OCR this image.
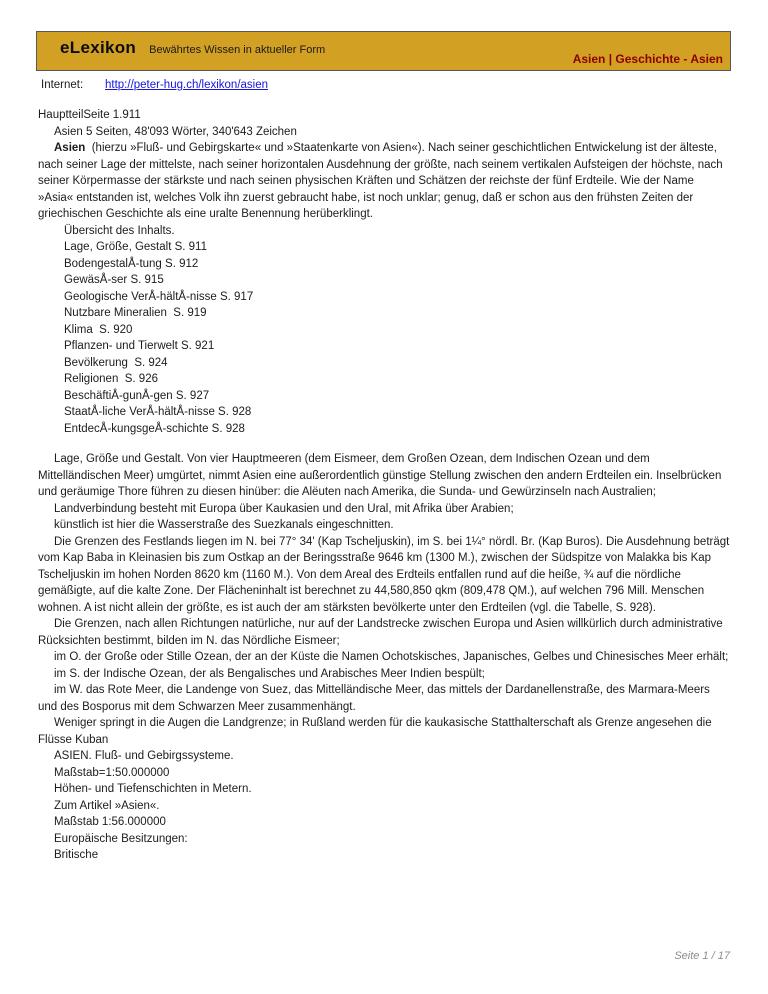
eLexikon Bewährtes Wissen in aktueller Form
Asien | Geschichte - Asien
Internet: http://peter-hug.ch/lexikon/asien

HauptteilSeite 1.911

Asien 5 Seiten, 48'093 Wörter, 340'643 Zeichen

Asien  (hierzu »Fluß- und Gebirgskarte« und »Staatenkarte von Asien«). Nach seiner geschichtlichen Entwickelung ist der älteste, nach seiner Lage der mittelste, nach seiner horizontalen Ausdehnung der größte, nach seinem vertikalen Aufsteigen der höchste, nach seiner Körpermasse der stärkste und nach seinen physischen Kräften und Schätzen der reichste der fünf Erdteile. Wie der Name »Asia« entstanden ist, welches Volk ihn zuerst gebraucht habe, ist noch unklar; genug, daß er schon aus den frühsten Zeiten der griechischen Geschichte als eine uralte Benennung herüberklingt.

Übersicht des Inhalts.

Lage, Größe, Gestalt S. 911

BodengestalÅ-tung S. 912

GewäsÅ-ser S. 915

Geologische VerÅ-hältÅ-nisse S. 917

Nutzbare Mineralien  S. 919

Klima  S. 920

Pflanzen- und Tierwelt S. 921

Bevölkerung  S. 924

Religionen  S. 926

BeschäftiÅ-gunÅ-gen S. 927

StaatÅ-liche VerÅ-hältÅ-nisse S. 928

EntdecÅ-kungsgeÅ-schichte S. 928

Lage, Größe und Gestalt. Von vier Hauptmeeren (dem Eismeer, dem Großen Ozean, dem Indischen Ozean und dem Mittelländischen Meer) umgürtet, nimmt Asien eine außerordentlich günstige Stellung zwischen den andern Erdteilen ein. Inselbrücken und geräumige Thore führen zu diesen hinüber: die Alëuten nach Amerika, die Sunda- und Gewürzinseln nach Australien;

Landverbindung besteht mit Europa über Kaukasien und den Ural, mit Afrika über Arabien;

künstlich ist hier die Wasserstraße des Suezkanals eingeschnitten.

Die Grenzen des Festlands liegen im N. bei 77° 34' (Kap Tscheljuskin), im S. bei 1¼° nördl. Br. (Kap Buros). Die Ausdehnung beträgt vom Kap Baba in Kleinasien bis zum Ostkap an der Beringsstraße 9646 km (1300 M.), zwischen der Südspitze von Malakka bis Kap Tscheljuskin im hohen Norden 8620 km (1160 M.). Von dem Areal des Erdteils entfallen rund auf die heiße, ¾ auf die nördliche gemäßigte, auf die kalte Zone. Der Flächeninhalt ist berechnet zu 44,580,850 qkm (809,478 QM.), auf welchen 796 Mill. Menschen wohnen. A ist nicht allein der größte, es ist auch der am stärksten bevölkerte unter den Erdteilen (vgl. die Tabelle, S. 928).

Die Grenzen, nach allen Richtungen natürliche, nur auf der Landstrecke zwischen Europa und Asien willkürlich durch administrative Rücksichten bestimmt, bilden im N. das Nördliche Eismeer;

im O. der Große oder Stille Ozean, der an der Küste die Namen Ochotskisches, Japanisches, Gelbes und Chinesisches Meer erhält;

im S. der Indische Ozean, der als Bengalisches und Arabisches Meer Indien bespült;

im W. das Rote Meer, die Landenge von Suez, das Mittelländische Meer, das mittels der Dardanellenstraße, des Marmara-Meers und des Bosporus mit dem Schwarzen Meer zusammenhängt.

Weniger springt in die Augen die Landgrenze; in Rußland werden für die kaukasische Statthalterschaft als Grenze angesehen die Flüsse Kuban

ASIEN. Fluß- und Gebirgssysteme.

Maßstab=1:50.000000

Höhen- und Tiefenschichten in Metern.

Zum Artikel »Asien«.

Maßstab 1:56.000000

Europäische Besitzungen:

Britische

Seite 1 / 17
